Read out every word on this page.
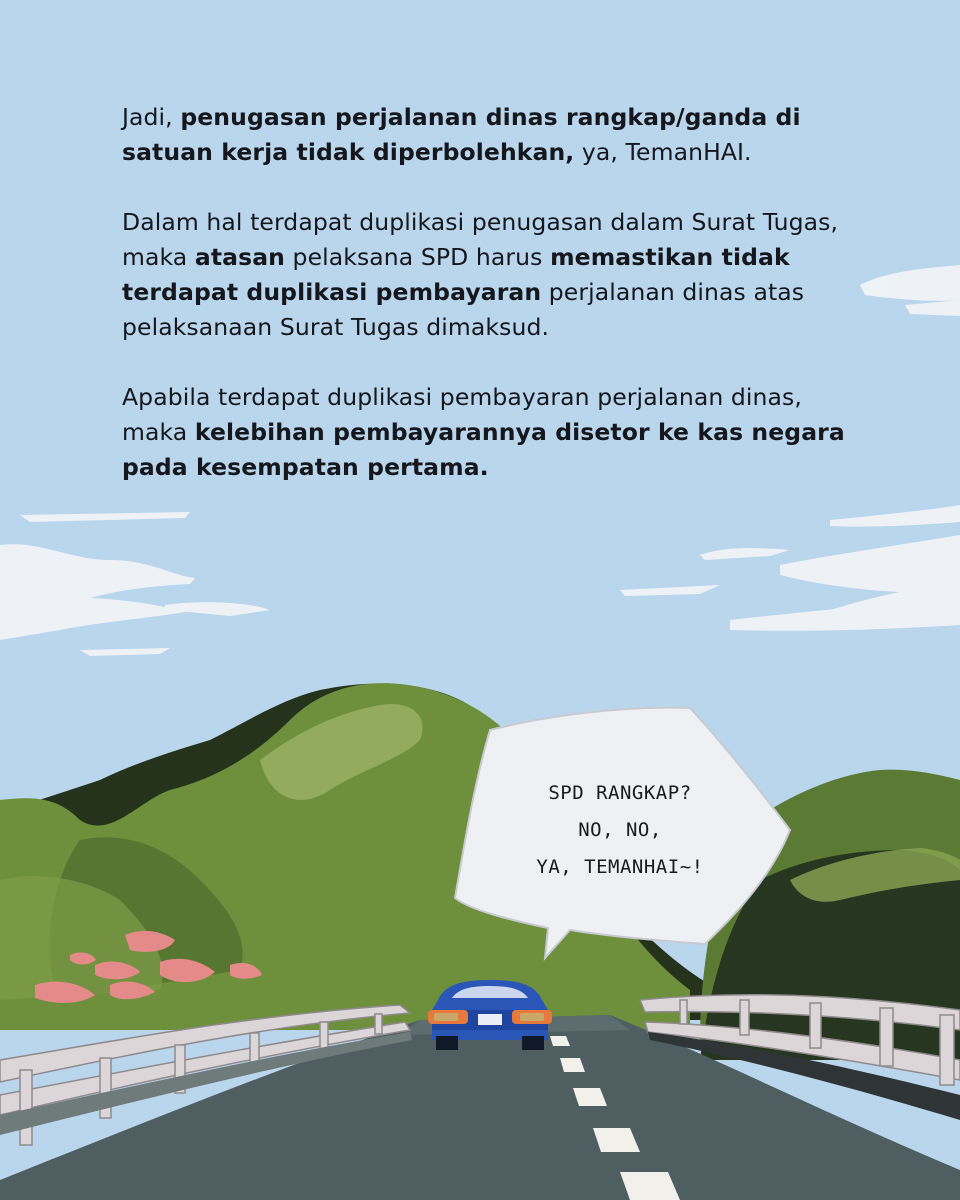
Jadi, penugasan perjalanan dinas rangkap/ganda di satuan kerja tidak diperbolehkan, ya, TemanHAI.

Dalam hal terdapat duplikasi penugasan dalam Surat Tugas, maka atasan pelaksana SPD harus memastikan tidak terdapat duplikasi pembayaran perjalanan dinas atas pelaksanaan Surat Tugas dimaksud.

Apabila terdapat duplikasi pembayaran perjalanan dinas, maka kelebihan pembayarannya disetor ke kas negara pada kesempatan pertama.

SPD RANGKAP?
NO, NO,
YA, TEMANHAI~!
